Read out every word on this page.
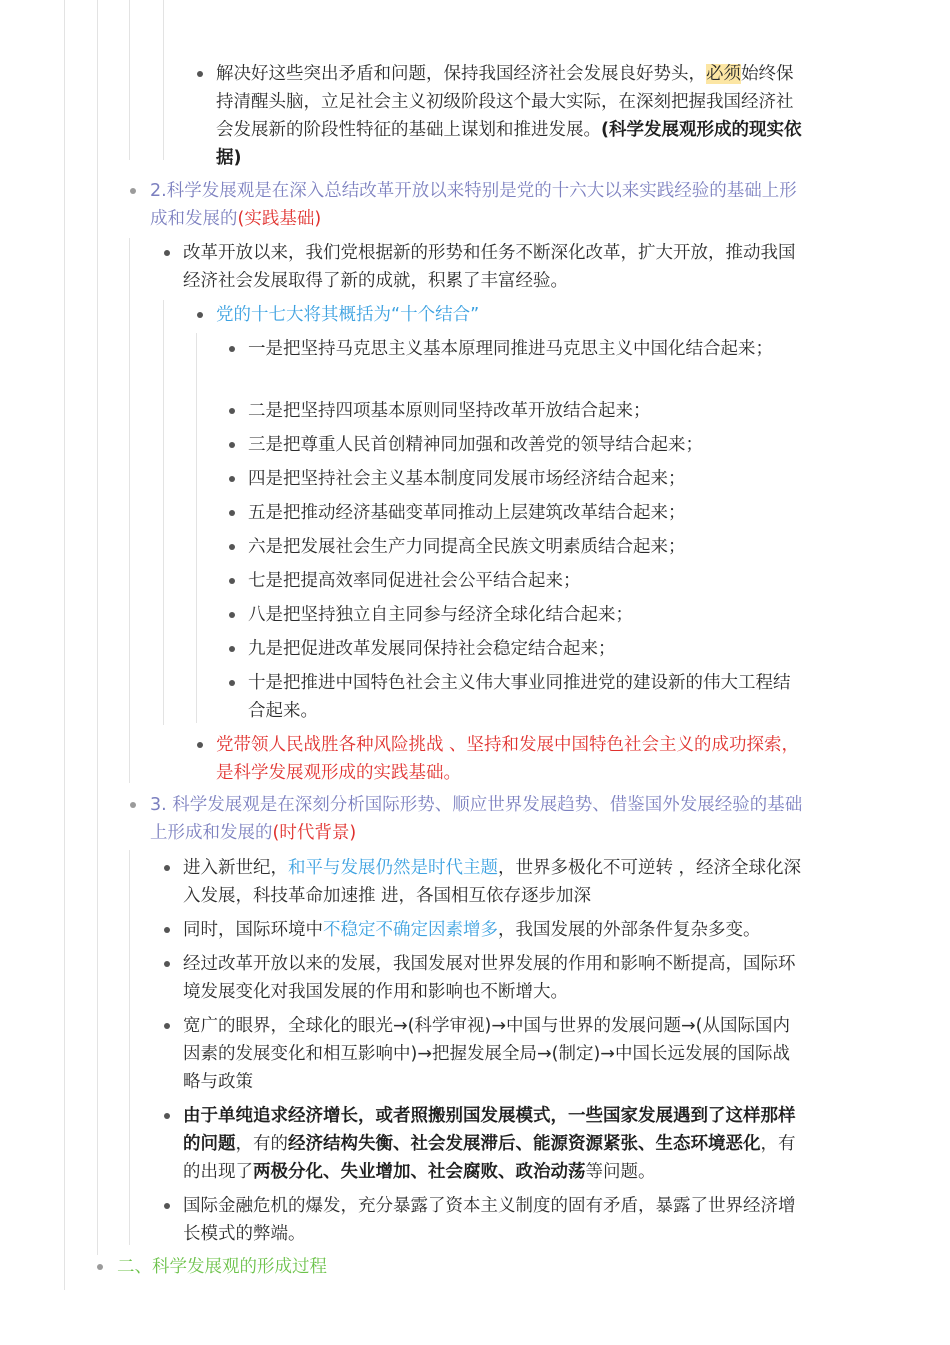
解决好这些突出矛盾和问题，保持我国经济社会发展良好势头，必须始终保持清醒头脑，立足社会主义初级阶段这个最大实际，在深刻把握我国经济社会发展新的阶段性特征的基础上谋划和推进发展。(科学发展观形成的现实依据)
2.科学发展观是在深入总结改革开放以来特别是党的十六大以来实践经验的基础上形成和发展的(实践基础)
改革开放以来，我们党根据新的形势和任务不断深化改革，扩大开放，推动我国经济社会发展取得了新的成就，积累了丰富经验。
党的十七大将其概括为“十个结合”
一是把坚持马克思主义基本原理同推进马克思主义中国化结合起来；
二是把坚持四项基本原则同坚持改革开放结合起来；
三是把尊重人民首创精神同加强和改善党的领导结合起来；
四是把坚持社会主义基本制度同发展市场经济结合起来；
五是把推动经济基础变革同推动上层建筑改革结合起来；
六是把发展社会生产力同提高全民族文明素质结合起来；
七是把提高效率同促进社会公平结合起来；
八是把坚持独立自主同参与经济全球化结合起来；
九是把促进改革发展同保持社会稳定结合起来；
十是把推进中国特色社会主义伟大事业同推进党的建设新的伟大工程结合起来。
党带领人民战胜各种风险挑战 、坚持和发展中国特色社会主义的成功探索，是科学发展观形成的实践基础。
3. 科学发展观是在深刻分析国际形势、顺应世界发展趋势、借鉴国外发展经验的基础上形成和发展的(时代背景)
进入新世纪，和平与发展仍然是时代主题，世界多极化不可逆转 ，经济全球化深入发展，科技革命加速推 进，各国相互依存逐步加深
同时，国际环境中不稳定不确定因素增多，我国发展的外部条件复杂多变。
经过改革开放以来的发展，我国发展对世界发展的作用和影响不断提高，国际环境发展变化对我国发展的作用和影响也不断增大。
宽广的眼界，全球化的眼光→(科学审视)→中国与世界的发展问题→(从国际国内因素的发展变化和相互影响中)→把握发展全局→(制定)→中国长远发展的国际战略与政策
由于单纯追求经济增长，或者照搬别国发展模式，一些国家发展遇到了这样那样的问题，有的经济结构失衡、社会发展滞后、能源资源紧张、生态环境恶化，有的出现了两极分化、失业增加、社会腐败、政治动荡等问题。
国际金融危机的爆发，充分暴露了资本主义制度的固有矛盾，暴露了世界经济增长模式的弊端。
二、科学发展观的形成过程
